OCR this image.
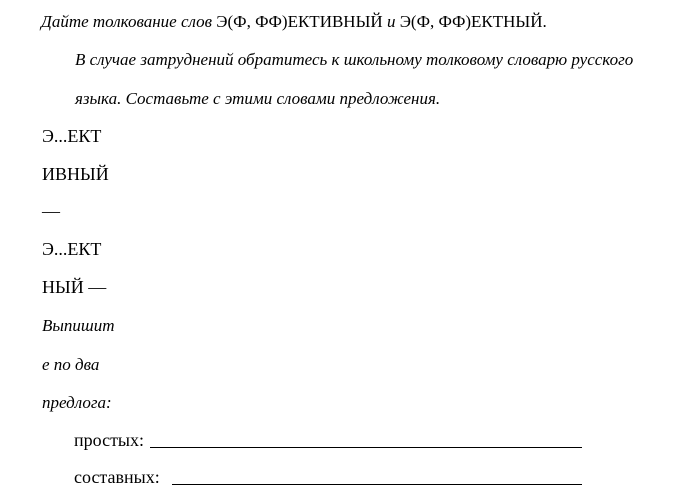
Дайте толкование слов Э(Ф, ФФ)ЕКТИВНЫЙ и Э(Ф, ФФ)ЕКТНЫЙ.
В случае затруднений обратитесь к школьному толковому словарю русского
языка. Составьте с этими словами предложения.
Э...ЕКТ
ИВНЫЙ
—
Э...ЕКТ
НЫЙ —
Выпишит
е по два
предлога:
простых:
составных:
